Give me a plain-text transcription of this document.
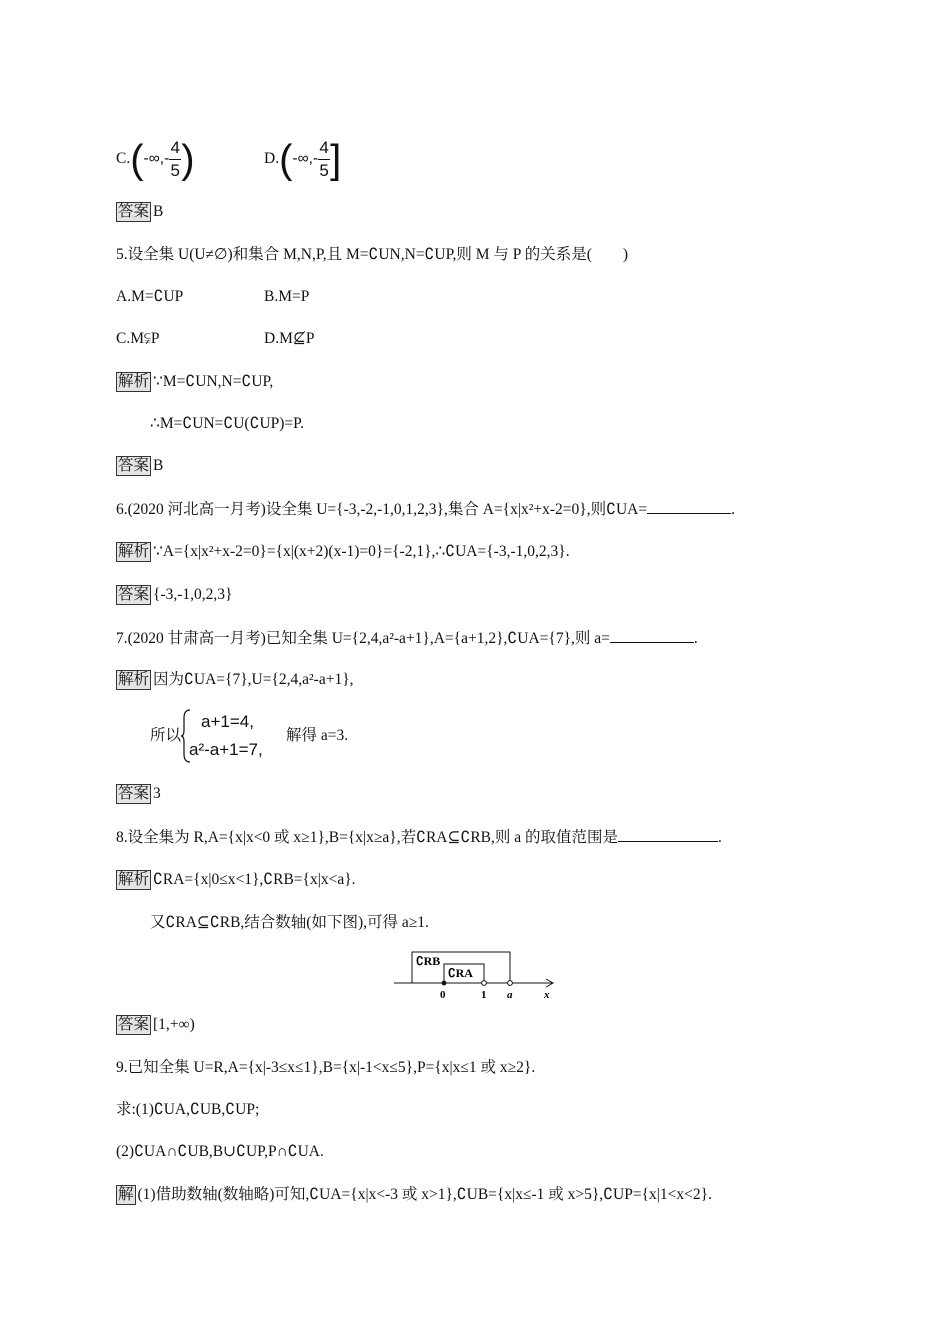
$C.(-\infty,- \frac{4}{5}$ )	$D.(-\infty,- \frac{4}{5}$ ]
答案 B
5.设全集 U(U≠∅)和集合 M,N,P,且 M=∁UN,N=∁UP,则 M 与 P 的关系是(　　)
A.M=∁UP	B.M=P
C.M⫋P	D.M⊈P
解析 ∵M=∁UN,N=∁UP,
∴M=∁UN=∁U(∁UP)=P.
答案 B
6.(2020 河北高一月考)设全集 U={-3,-2,-1,0,1,2,3},集合 A={x|x²+x-2=0},则∁UA=	.
解析 ∵A={x|x²+x-2=0}={x|(x+2)(x-1)=0}={-2,1},∴∁UA={-3,-1,0,2,3}.
答案 {-3,-1,0,2,3}
7.(2020 甘肃高一月考)已知全集 U={2,4,a²-a+1},A={a+1,2},∁UA={7},则 a=	.
解析 因为∁UA={7},U={2,4,a²-a+1},
所以
a+1=4,
a²-a+1=7,
解得 a=3.
答案 3
8.设全集为 R,A={x|x<0 或 x≥1},B={x|x≥a},若∁RA⊆∁RB,则 a 的取值范围是	.
解析 ∁RA={x|0≤x<1},∁RB={x|x<a}.
又∁RA⊆∁RB,结合数轴(如下图),可得 a≥1.
∁RB
∁RA
0	1 a	x
答案 [1,+∞)
9.已知全集 U=R,A={x|-3≤x≤1},B={x|-1<x≤5},P={x|x≤1 或 x≥2}.
求:(1)∁UA,∁UB,∁UP;
(2)∁UA∩∁UB,B∪∁UP,P∩∁UA.
解 (1)借助数轴(数轴略)可知,∁UA={x|x<-3 或 x>1},∁UB={x|x≤-1 或 x>5},∁UP={x|1<x<2}.
